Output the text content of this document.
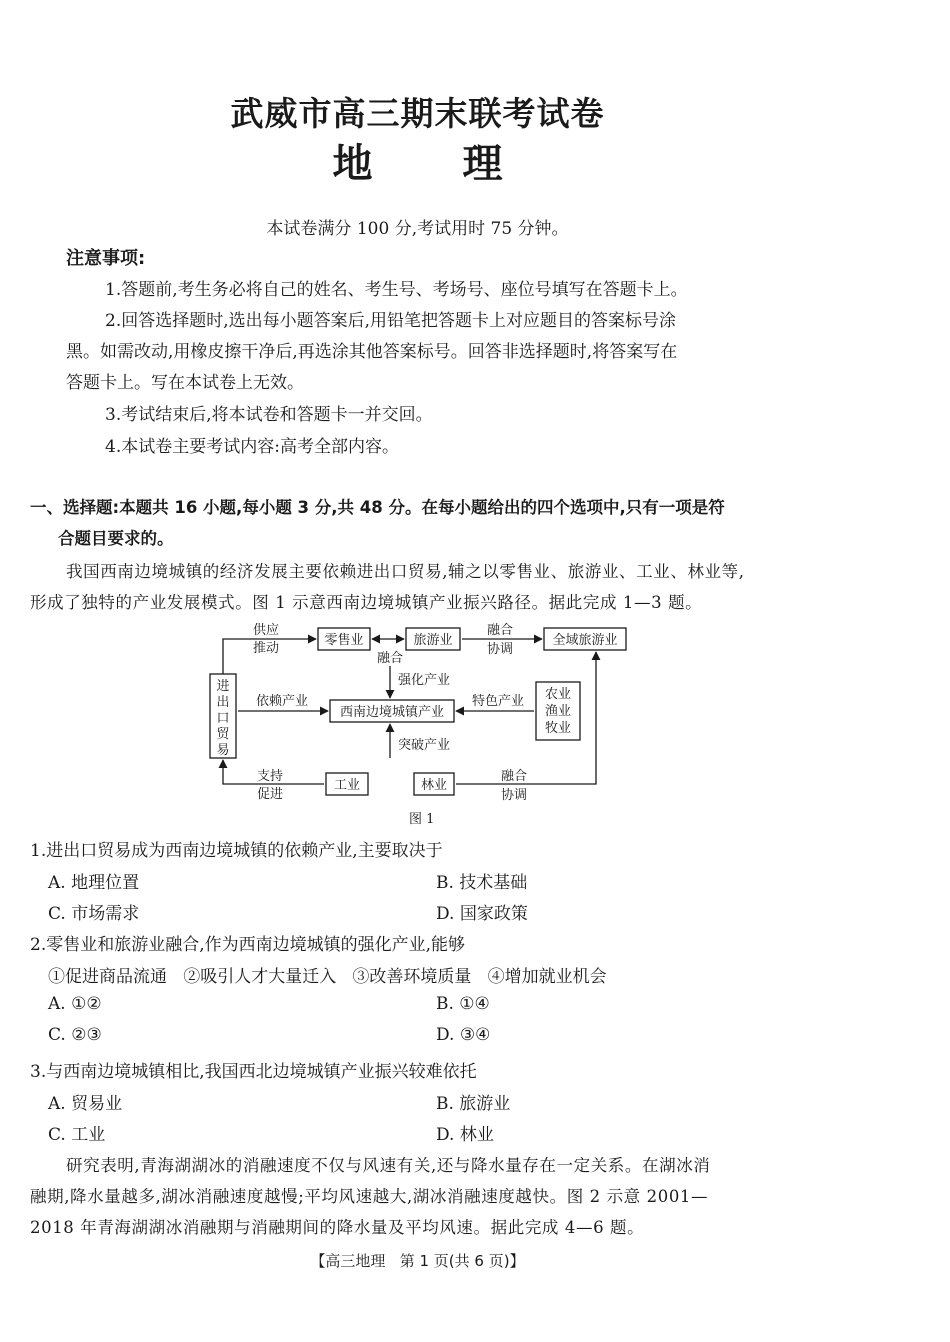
武威市高三期末联考试卷
地 理
本试卷满分 100 分,考试用时 75 分钟。
注意事项:
1.答题前,考生务必将自己的姓名、考生号、考场号、座位号填写在答题卡上。
2.回答选择题时,选出每小题答案后,用铅笔把答题卡上对应题目的答案标号涂
黑。如需改动,用橡皮擦干净后,再选涂其他答案标号。回答非选择题时,将答案写在
答题卡上。写在本试卷上无效。
3.考试结束后,将本试卷和答题卡一并交回。
4.本试卷主要考试内容:高考全部内容。
一、选择题:本题共 16 小题,每小题 3 分,共 48 分。在每小题给出的四个选项中,只有一项是符
合题目要求的。
我国西南边境城镇的经济发展主要依赖进出口贸易,辅之以零售业、旅游业、工业、林业等,
形成了独特的产业发展模式。图 1 示意西南边境城镇产业振兴路径。据此完成 1—3 题。
零售业	旅游业	全域旅游业
进
出
口
贸
易
西南边境城镇产业
农业
渔业
牧业
工业	林业
供应
推动
融合
融合
协调
强化产业
依赖产业	特色产业
突破产业
支持
促进
融合
协调
图 1
1.进出口贸易成为西南边境城镇的依赖产业,主要取决于
A. 地理位置	B. 技术基础
C. 市场需求	D. 国家政策
2.零售业和旅游业融合,作为西南边境城镇的强化产业,能够
①促进商品流通   ②吸引人才大量迁入   ③改善环境质量   ④增加就业机会
A. ①②	B. ①④
C. ②③	D. ③④
3.与西南边境城镇相比,我国西北边境城镇产业振兴较难依托
A. 贸易业	B. 旅游业
C. 工业	D. 林业
研究表明,青海湖湖冰的消融速度不仅与风速有关,还与降水量存在一定关系。在湖冰消
融期,降水量越多,湖冰消融速度越慢;平均风速越大,湖冰消融速度越快。图 2 示意 2001—
2018 年青海湖湖冰消融期与消融期间的降水量及平均风速。据此完成 4—6 题。
【高三地理   第 1 页(共 6 页)】
